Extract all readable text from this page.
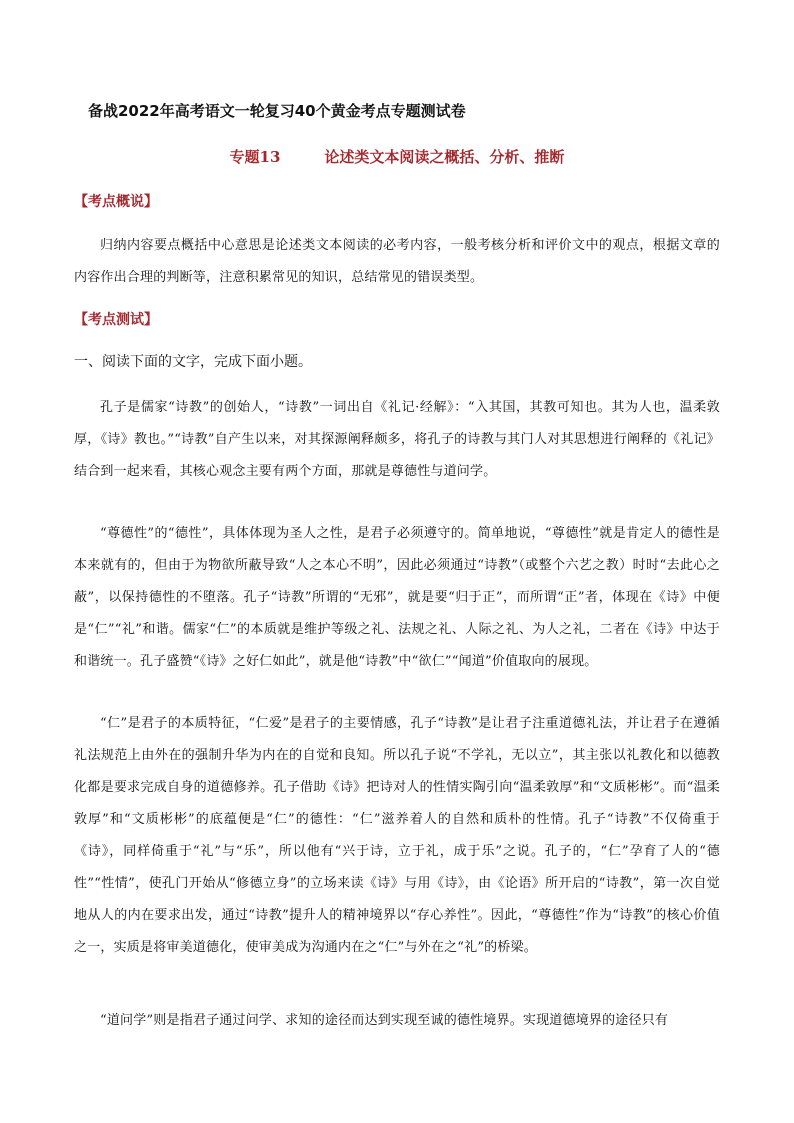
备战2022年高考语文一轮复习40个黄金考点专题测试卷
专题13	论述类文本阅读之概括、分析、推断
【考点概说】
归纳内容要点概括中心意思是论述类文本阅读的必考内容，一般考核分析和评价文中的观点，根据文章的内容作出合理的判断等，注意积累常见的知识，总结常见的错误类型。
【考点测试】
一、阅读下面的文字，完成下面小题。
孔子是儒家“诗教”的创始人，“诗教”一词出自《礼记·经解》：“入其国，其教可知也。其为人也，温柔敦厚，《诗》教也。”“诗教”自产生以来，对其探源阐释颇多，将孔子的诗教与其门人对其思想进行阐释的《礼记》结合到一起来看，其核心观念主要有两个方面，那就是尊德性与道问学。
“尊德性”的“德性”，具体体现为圣人之性，是君子必须遵守的。简单地说，“尊德性”就是肯定人的德性是本来就有的，但由于为物欲所蔽导致“人之本心不明”，因此必须通过“诗教”（或整个六艺之教）时时“去此心之蔽”，以保持德性的不堕落。孔子“诗教”所谓的“无邪”，就是要“归于正”，而所谓“正”者，体现在《诗》中便是“仁”“礼”和谐。儒家“仁”的本质就是维护等级之礼、法规之礼、人际之礼、为人之礼，二者在《诗》中达于和谐统一。孔子盛赞“《诗》之好仁如此”，就是他“诗教”中“欲仁”“闻道”价值取向的展现。
“仁”是君子的本质特征，“仁爱”是君子的主要情感，孔子“诗教”是让君子注重道德礼法，并让君子在遵循礼法规范上由外在的强制升华为内在的自觉和良知。所以孔子说“不学礼，无以立”，其主张以礼教化和以德教化都是要求完成自身的道德修养。孔子借助《诗》把诗对人的性情实陶引向“温柔敦厚”和“文质彬彬”。而“温柔敦厚”和“文质彬彬”的底蕴便是“仁”的德性：“仁”滋养着人的自然和质朴的性情。孔子“诗教”不仅倚重于《诗》，同样倚重于“礼”与“乐”，所以他有“兴于诗，立于礼，成于乐”之说。孔子的，“仁”孕育了人的“德性”“性情”，使孔门开始从“修德立身”的立场来读《诗》与用《诗》，由《论语》所开启的“诗教”，第一次自觉地从人的内在要求出发，通过“诗教”提升人的精神境界以“存心养性”。因此，“尊德性”作为“诗教”的核心价值之一，实质是将审美道德化，使审美成为沟通内在之“仁”与外在之“礼”的桥梁。
“道问学”则是指君子通过问学、求知的途径而达到实现至诚的德性境界。实现道德境界的途径只有
